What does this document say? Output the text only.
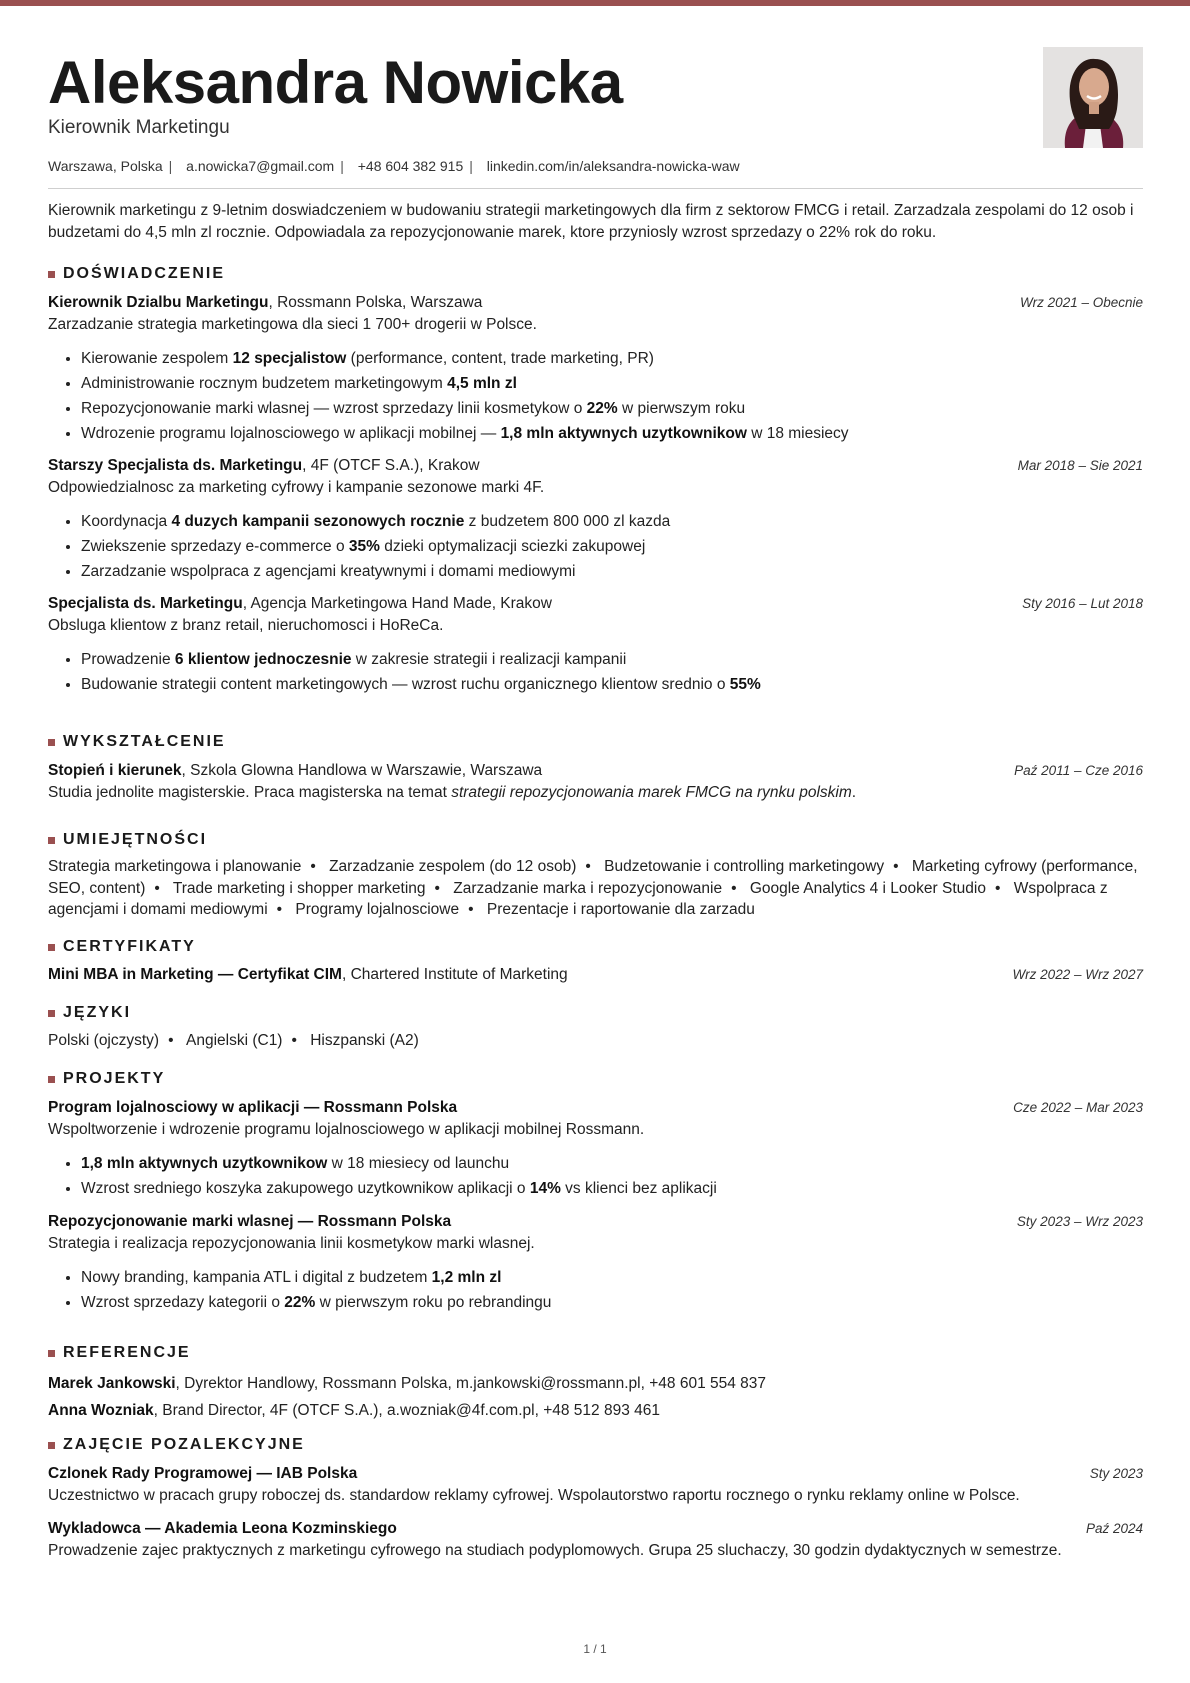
Aleksandra Nowicka
Kierownik Marketingu
Warszawa, Polska | a.nowicka7@gmail.com | +48 604 382 915 | linkedin.com/in/aleksandra-nowicka-waw
Kierownik marketingu z 9-letnim doswiadczeniem w budowaniu strategii marketingowych dla firm z sektorow FMCG i retail. Zarzadzala zespolami do 12 osob i budzetami do 4,5 mln zl rocznie. Odpowiadala za repozycjonowanie marek, ktore przyniosly wzrost sprzedazy o 22% rok do roku.
DOŚWIADCZENIE
Kierownik Dzialbu Marketingu, Rossmann Polska, Warszawa	Wrz 2021 – Obecnie
Zarzadzanie strategia marketingowa dla sieci 1 700+ drogerii w Polsce.
• Kierowanie zespolem 12 specjalistow (performance, content, trade marketing, PR)
• Administrowanie rocznym budzetem marketingowym 4,5 mln zl
• Repozycjonowanie marki wlasnej — wzrost sprzedazy linii kosmetykow o 22% w pierwszym roku
• Wdrozenie programu lojalnosciowego w aplikacji mobilnej — 1,8 mln aktywnych uzytkownikow w 18 miesiecy
Starszy Specjalista ds. Marketingu, 4F (OTCF S.A.), Krakow	Mar 2018 – Sie 2021
Odpowiedzialnosc za marketing cyfrowy i kampanie sezonowe marki 4F.
• Koordynacja 4 duzych kampanii sezonowych rocznie z budzetem 800 000 zl kazda
• Zwiekszenie sprzedazy e-commerce o 35% dzieki optymalizacji sciezki zakupowej
• Zarzadzanie wspolpraca z agencjami kreatywnymi i domami mediowymi
Specjalista ds. Marketingu, Agencja Marketingowa Hand Made, Krakow	Sty 2016 – Lut 2018
Obsluga klientow z branz retail, nieruchomosci i HoReCa.
• Prowadzenie 6 klientow jednoczesnie w zakresie strategii i realizacji kampanii
• Budowanie strategii content marketingowych — wzrost ruchu organicznego klientow srednio o 55%
WYKSZTAŁCENIE
Stopień i kierunek, Szkola Glowna Handlowa w Warszawie, Warszawa	Paź 2011 – Cze 2016
Studia jednolite magisterskie. Praca magisterska na temat strategii repozycjonowania marek FMCG na rynku polskim.
UMIEJĘTNOŚCI
Strategia marketingowa i planowanie • Zarzadzanie zespolem (do 12 osob) • Budzetowanie i controlling marketingowy • Marketing cyfrowy (performance, SEO, content) • Trade marketing i shopper marketing • Zarzadzanie marka i repozycjonowanie • Google Analytics 4 i Looker Studio • Wspolpraca z agencjami i domami mediowymi • Programy lojalnosciowe • Prezentacje i raportowanie dla zarzadu
CERTYFIKATY
Mini MBA in Marketing — Certyfikat CIM, Chartered Institute of Marketing	Wrz 2022 – Wrz 2027
JĘZYKI
Polski (ojczysty) • Angielski (C1) • Hiszpanski (A2)
PROJEKTY
Program lojalnosciowy w aplikacji — Rossmann Polska	Cze 2022 – Mar 2023
Wspoltworzenie i wdrozenie programu lojalnosciowego w aplikacji mobilnej Rossmann.
• 1,8 mln aktywnych uzytkownikow w 18 miesiecy od launchu
• Wzrost sredniego koszyka zakupowego uzytkownikow aplikacji o 14% vs klienci bez aplikacji
Repozycjonowanie marki wlasnej — Rossmann Polska	Sty 2023 – Wrz 2023
Strategia i realizacja repozycjonowania linii kosmetykow marki wlasnej.
• Nowy branding, kampania ATL i digital z budzetem 1,2 mln zl
• Wzrost sprzedazy kategorii o 22% w pierwszym roku po rebrandingu
REFERENCJE
Marek Jankowski, Dyrektor Handlowy, Rossmann Polska, m.jankowski@rossmann.pl, +48 601 554 837
Anna Wozniak, Brand Director, 4F (OTCF S.A.), a.wozniak@4f.com.pl, +48 512 893 461
ZAJĘCIE POZALEKCYJNE
Czlonek Rady Programowej — IAB Polska	Sty 2023
Uczestnictwo w pracach grupy roboczej ds. standardow reklamy cyfrowej. Wspolautorstwo raportu rocznego o rynku reklamy online w Polsce.
Wykladowca — Akademia Leona Kozminskiego	Paź 2024
Prowadzenie zajec praktycznych z marketingu cyfrowego na studiach podyplomowych. Grupa 25 sluchaczy, 30 godzin dydaktycznych w semestrze.
1 / 1
